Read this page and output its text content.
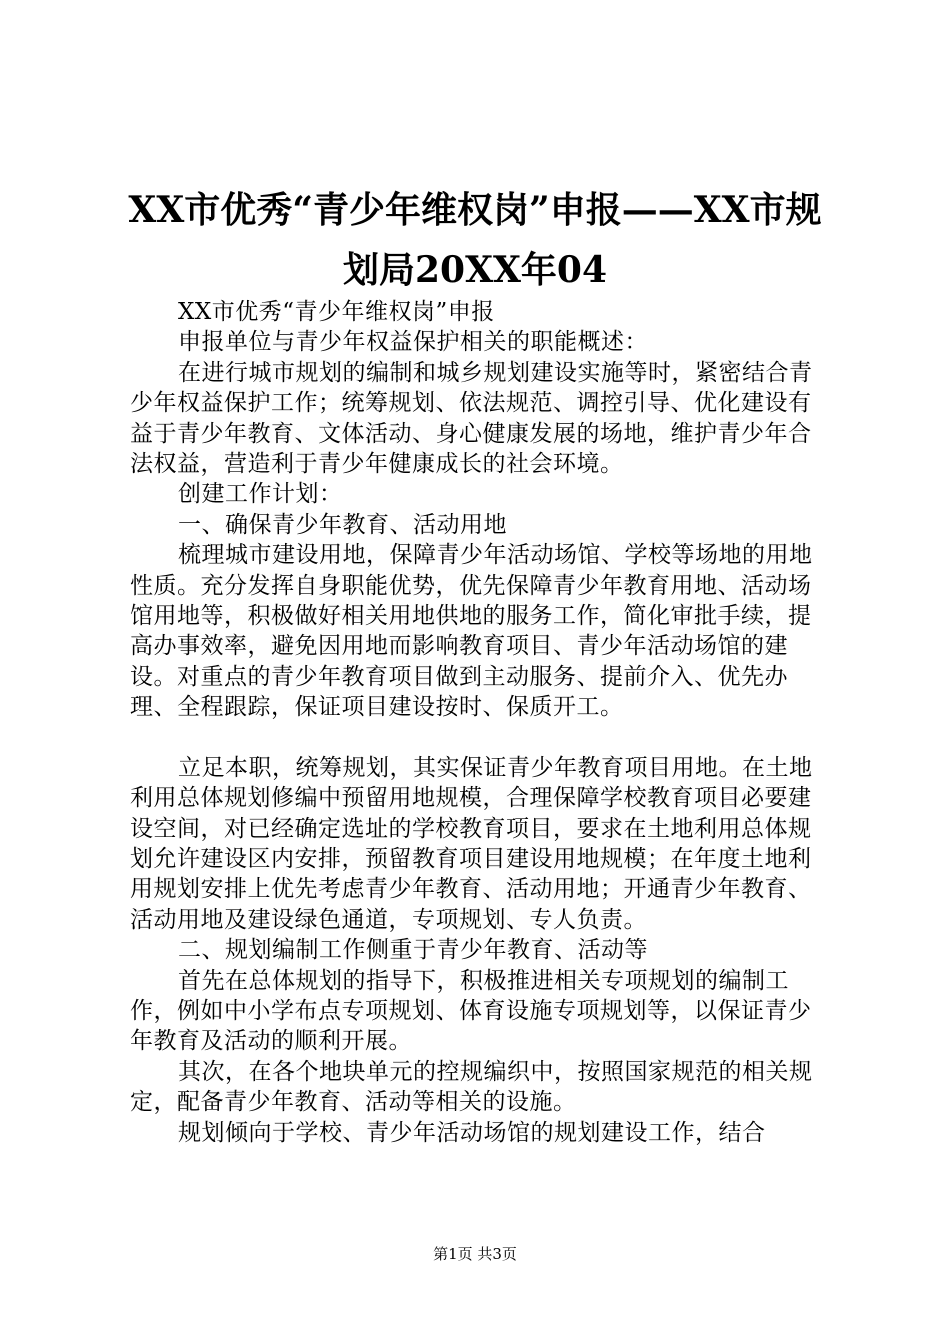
XX市优秀“青少年维权岗”申报——XX市规
划局20XX年04

XX市优秀“青少年维权岗”申报

申报单位与青少年权益保护相关的职能概述：

在进行城市规划的编制和城乡规划建设实施等时，紧密结合青少年权益保护工作；统筹规划、依法规范、调控引导、优化建设有益于青少年教育、文体活动、身心健康发展的场地，维护青少年合法权益，营造利于青少年健康成长的社会环境。

创建工作计划：

一、确保青少年教育、活动用地

梳理城市建设用地，保障青少年活动场馆、学校等场地的用地性质。充分发挥自身职能优势，优先保障青少年教育用地、活动场馆用地等，积极做好相关用地供地的服务工作，简化审批手续，提高办事效率，避免因用地而影响教育项目、青少年活动场馆的建设。对重点的青少年教育项目做到主动服务、提前介入、优先办理、全程跟踪，保证项目建设按时、保质开工。

立足本职，统筹规划，其实保证青少年教育项目用地。在土地利用总体规划修编中预留用地规模，合理保障学校教育项目必要建设空间，对已经确定选址的学校教育项目，要求在土地利用总体规划允许建设区内安排，预留教育项目建设用地规模；在年度土地利用规划安排上优先考虑青少年教育、活动用地；开通青少年教育、活动用地及建设绿色通道，专项规划、专人负责。

二、规划编制工作侧重于青少年教育、活动等

首先在总体规划的指导下，积极推进相关专项规划的编制工作，例如中小学布点专项规划、体育设施专项规划等，以保证青少年教育及活动的顺利开展。

其次，在各个地块单元的控规编织中，按照国家规范的相关规定，配备青少年教育、活动等相关的设施。

规划倾向于学校、青少年活动场馆的规划建设工作，结合

第1页 共3页
